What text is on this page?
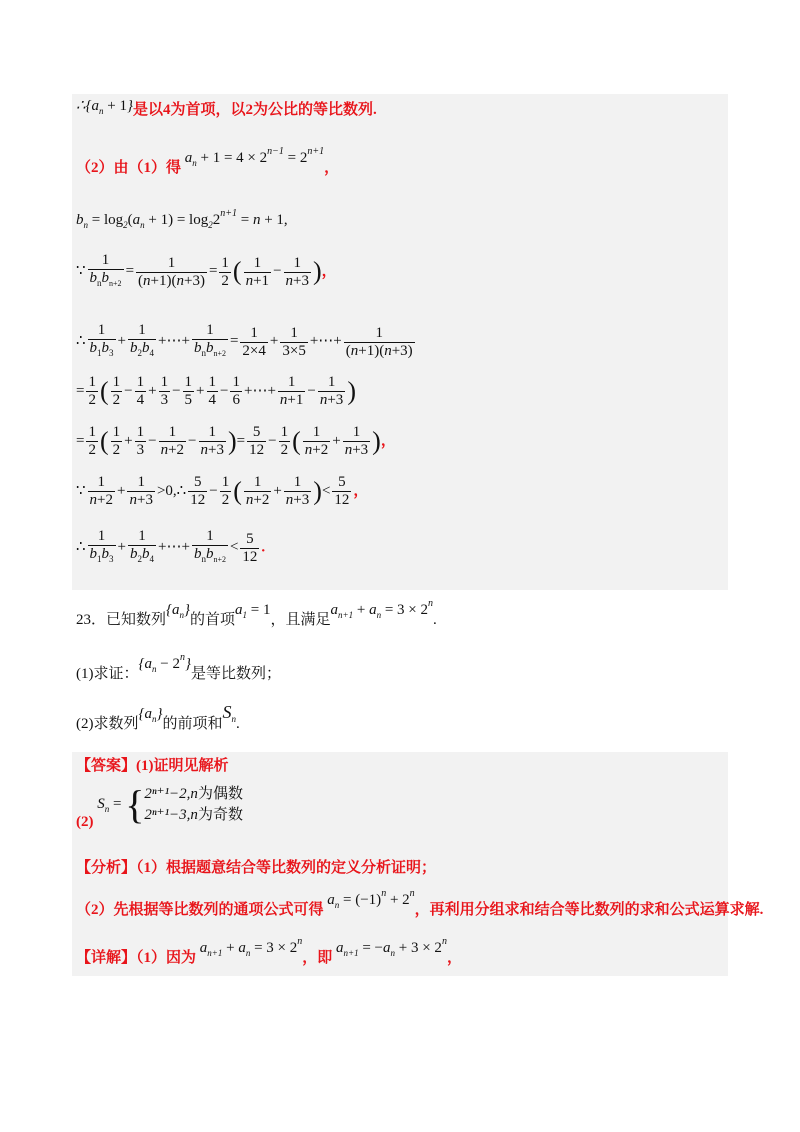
$\therefore\{a_n + 1\}$是以4为首项，以2为公比的等比数列.
（2）由（1）得 $a_n + 1 = 4 \times 2^{n-1} = 2^{n+1}$，
$b_n = \log_2(a_n + 1) = \log_22^{n+1} = n + 1$,
∵ $\frac{1}{b_nb_{n+2}} = \frac{1}{(n+1)(n+3)} = \frac{1}{2}$ ( $\frac{1}{n+1} - \frac{1}{n+3}$ )，
∴ $\frac{1}{b_1b_3} + \frac{1}{b_2b_4}$ +⋯+ $\frac{1}{b_nb_{n+2}} = \frac{1}{2\times 4} + \frac{1}{3\times 5}$ +⋯+ $\frac{1}{(n+1)(n+3)}$
= $\frac{1}{2}$ ( $\frac{1}{2} - \frac{1}{4} + \frac{1}{3} - \frac{1}{5} + \frac{1}{4} - \frac{1}{6}$ +⋯+ $\frac{1}{n+1} - \frac{1}{n+3}$ )
= $\frac{1}{2}$ ( $\frac{1}{2} + \frac{1}{3} - \frac{1}{n+2} - \frac{1}{n+3}$ )= $\frac{5}{12} - \frac{1}{2}$ ( $\frac{1}{n+2} + \frac{1}{n+3}$ )，
∵ $\frac{1}{n+2} + \frac{1}{n+3}$ >0,∴ $\frac{5}{12} - \frac{1}{2}$ ( $\frac{1}{n+2} + \frac{1}{n+3}$ )< $\frac{5}{12}$ ，
∴ $\frac{1}{b_1b_3} + \frac{1}{b_2b_4}$ +⋯+ $\frac{1}{b_nb_{n+2}} < \frac{5}{12}$ .
23．已知数列$\{a_n\}$的首项$a_1 = 1$，且满足$a_{n+1} + a_n = 3 \times 2^n$.
(1)求证：$\{a_n - 2^n\}$是等比数列；
(2)求数列$\{a_n\}$的前项和$S_n$.
【答案】(1)证明见解析
(2) $S_n$ = { 2ⁿ⁺¹−2,n为偶数
2ⁿ⁺¹−3,n为奇数
【分析】（1）根据题意结合等比数列的定义分析证明；
（2）先根据等比数列的通项公式可得 $a_n = (-1)^n + 2^n$，再利用分组求和结合等比数列的求和公式运算求解.
【详解】（1）因为 $a_{n+1} + a_n = 3 \times 2^n$，即 $a_{n+1} = -a_n + 3 \times 2^n$，
